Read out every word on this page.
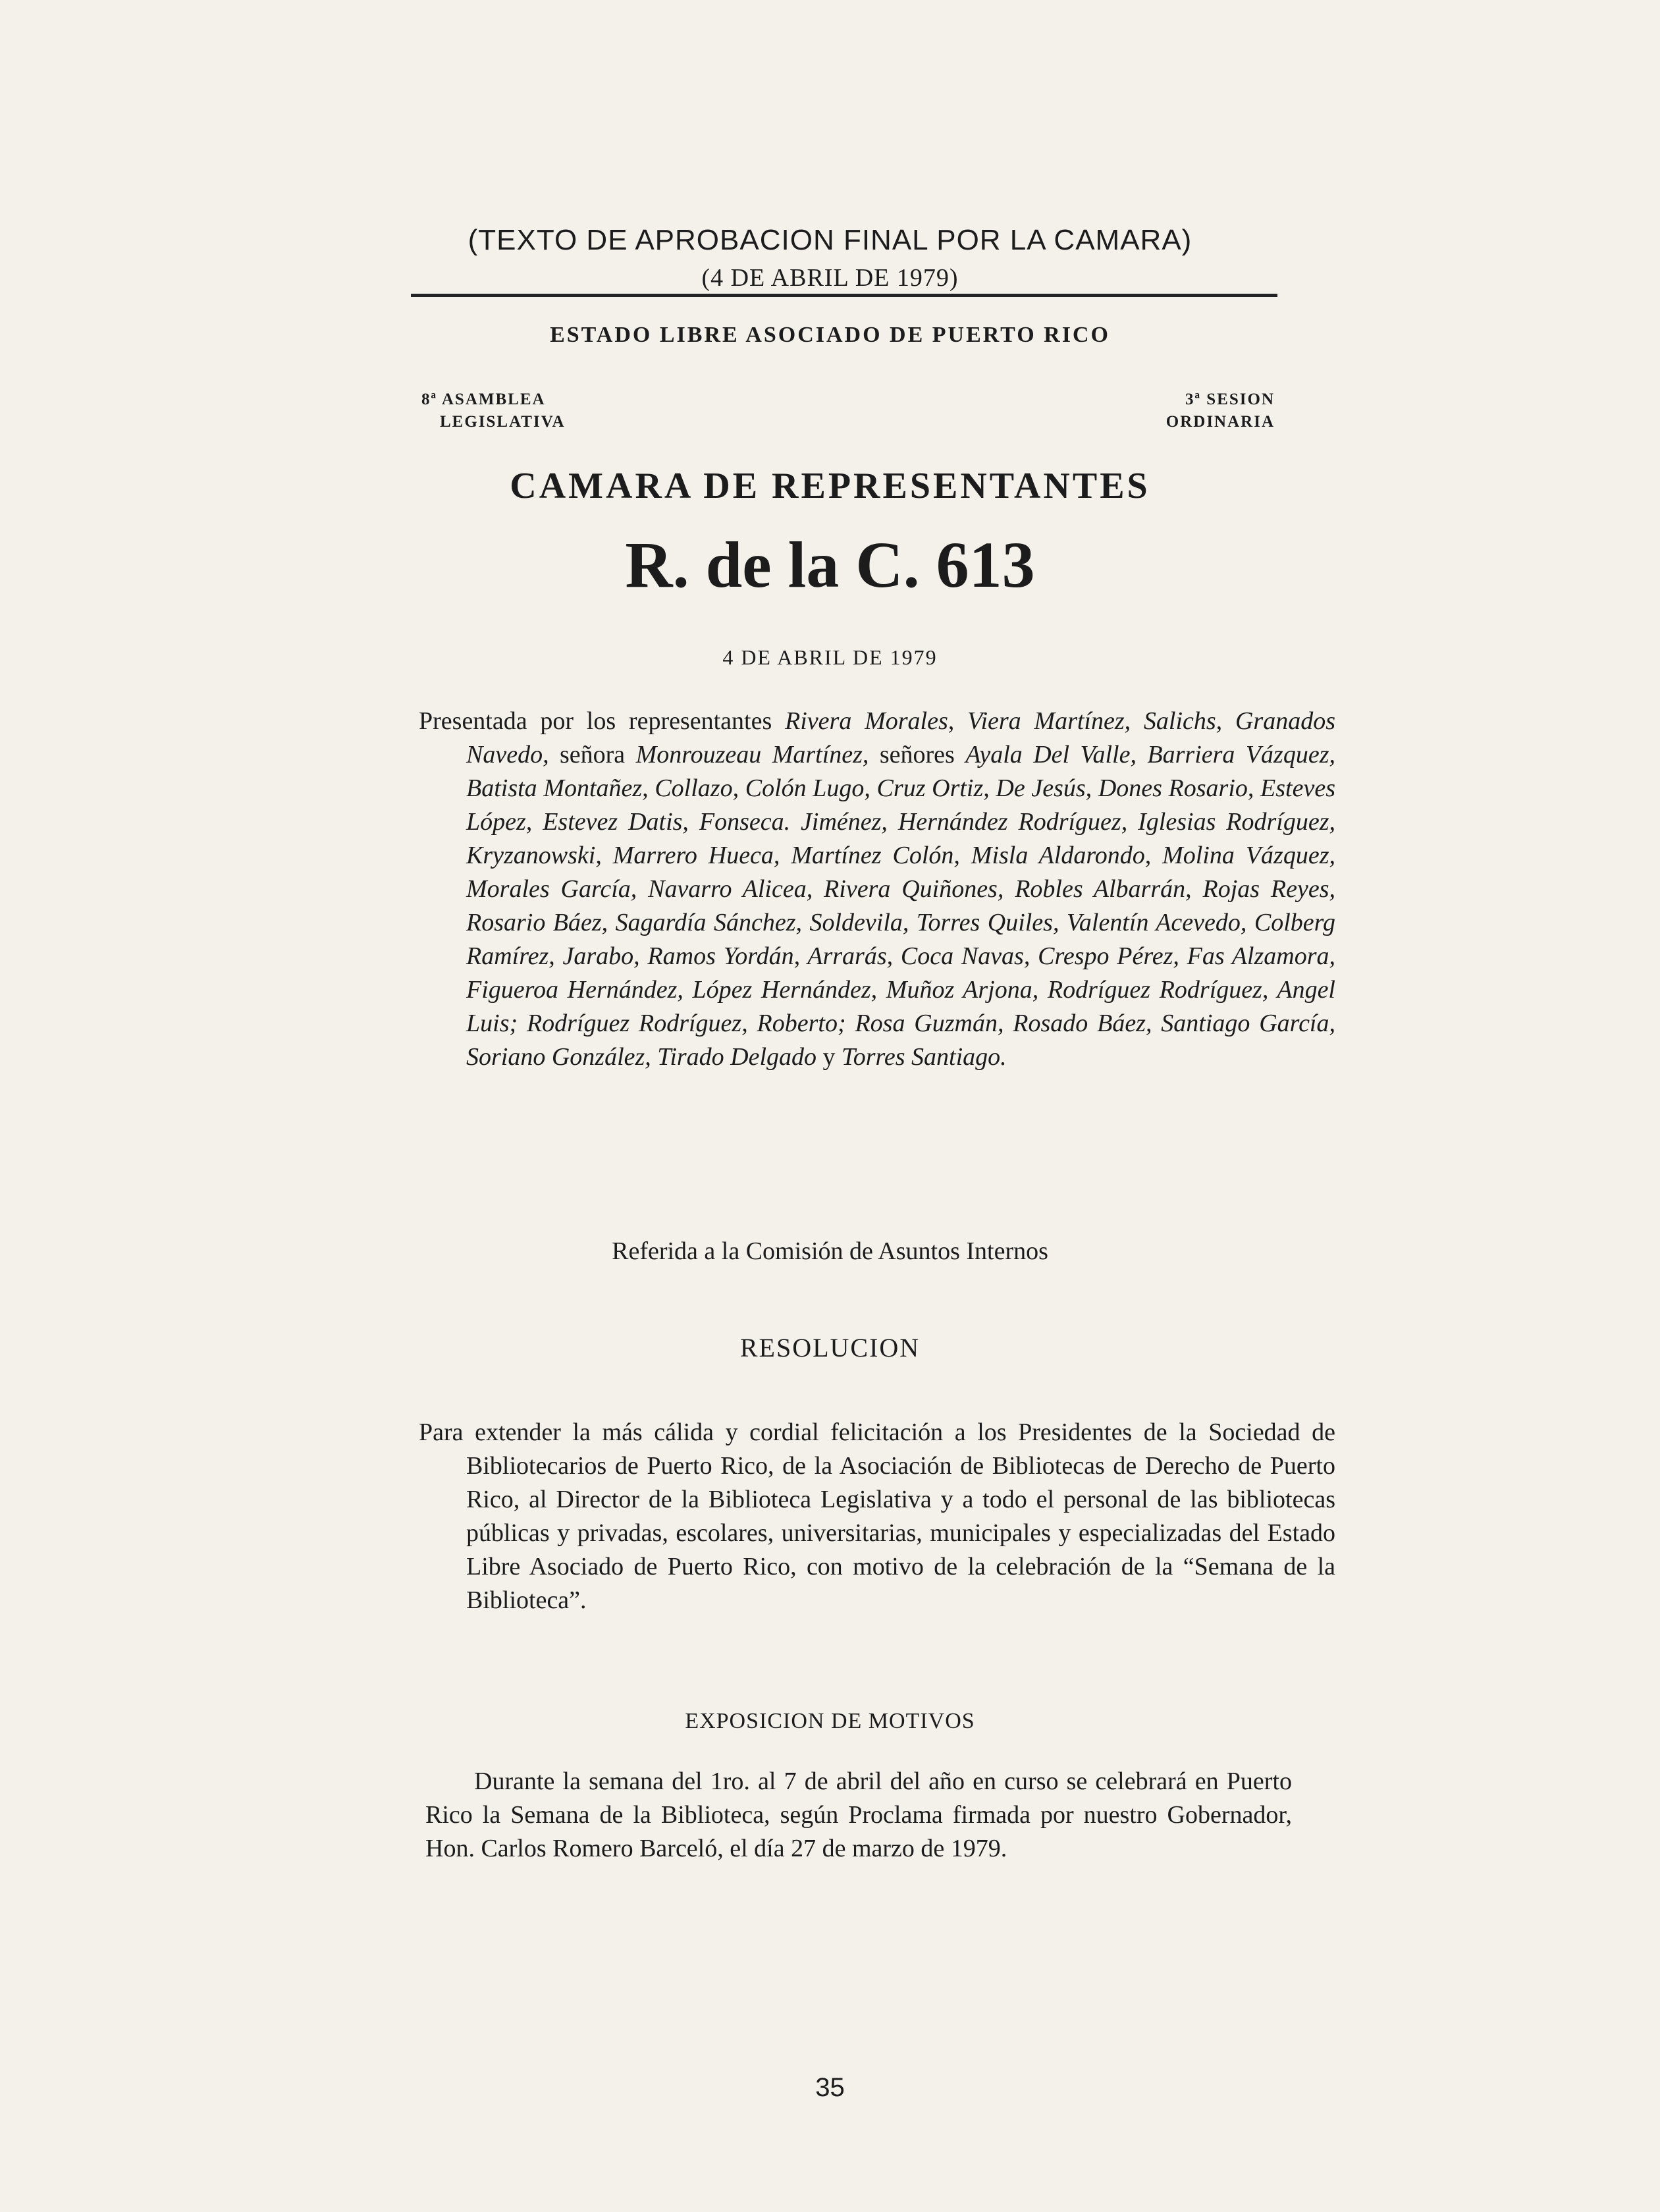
(TEXTO DE APROBACION FINAL POR LA CAMARA)
(4 DE ABRIL DE 1979)
ESTADO LIBRE ASOCIADO DE PUERTO RICO
8ª ASAMBLEA
LEGISLATIVA
3ª SESION
ORDINARIA
CAMARA DE REPRESENTANTES
R. de la C. 613
4 DE ABRIL DE 1979
Presentada por los representantes Rivera Morales, Viera Martínez, Salichs, Granados Navedo, señora Monrouzeau Martínez, señores Ayala Del Valle, Barriera Vázquez, Batista Montañez, Collazo, Colón Lugo, Cruz Ortiz, De Jesús, Dones Rosario, Esteves López, Estevez Datis, Fonseca. Jiménez, Hernández Rodríguez, Iglesias Rodríguez, Kryzanowski, Marrero Hueca, Martínez Colón, Misla Aldarondo, Molina Vázquez, Morales García, Navarro Alicea, Rivera Quiñones, Robles Albarrán, Rojas Reyes, Rosario Báez, Sagardía Sánchez, Soldevila, Torres Quiles, Valentín Acevedo, Colberg Ramírez, Jarabo, Ramos Yordán, Arrarás, Coca Navas, Crespo Pérez, Fas Alzamora, Figueroa Hernández, López Hernández, Muñoz Arjona, Rodríguez Rodríguez, Angel Luis; Rodríguez Rodríguez, Roberto; Rosa Guzmán, Rosado Báez, Santiago García, Soriano González, Tirado Delgado y Torres Santiago.
Referida a la Comisión de Asuntos Internos
RESOLUCION
Para extender la más cálida y cordial felicitación a los Presidentes de la Sociedad de Bibliotecarios de Puerto Rico, de la Asociación de Bibliotecas de Derecho de Puerto Rico, al Director de la Biblioteca Legislativa y a todo el personal de las bibliotecas públicas y privadas, escolares, universitarias, municipales y especializadas del Estado Libre Asociado de Puerto Rico, con motivo de la celebración de la “Semana de la Biblioteca”.
EXPOSICION DE MOTIVOS

Durante la semana del 1ro. al 7 de abril del año en curso se celebrará en Puerto Rico la Semana de la Biblioteca, según Proclama firmada por nuestro Gobernador, Hon. Carlos Romero Barceló, el día 27 de marzo de 1979.

35
